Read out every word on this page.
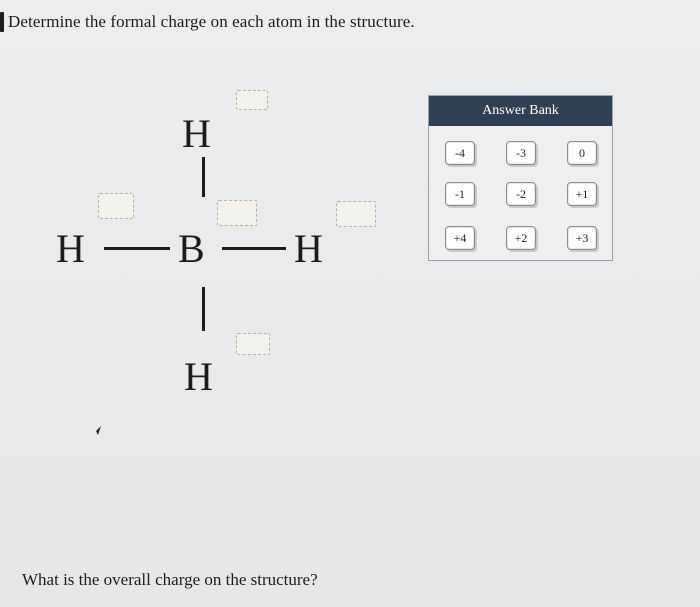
Determine the formal charge on each atom in the structure.
H
H B H
H
Answer Bank
-4	-3	0
-1	-2	+1
+4	+2	+3
What is the overall charge on the structure?
